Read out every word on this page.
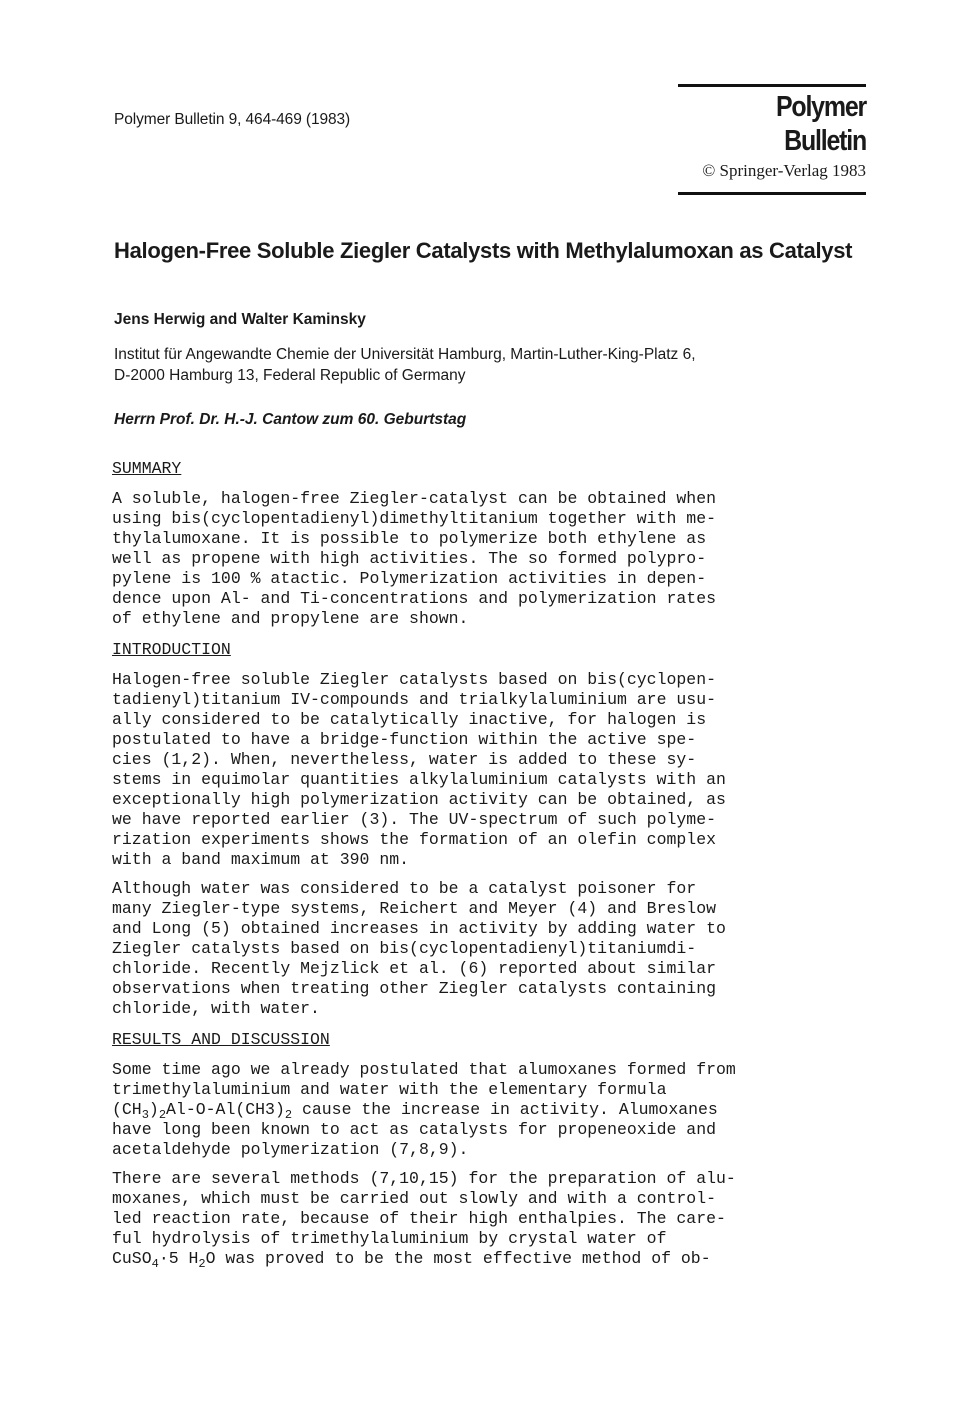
Polymer Bulletin 9, 464-469 (1983)	Polymer Bulletin
© Springer-Verlag 1983
Halogen-Free Soluble Ziegler Catalysts with Methylalumoxan as Catalyst
Jens Herwig and Walter Kaminsky
Institut für Angewandte Chemie der Universität Hamburg, Martin-Luther-King-Platz 6,
D-2000 Hamburg 13, Federal Republic of Germany
Herrn Prof. Dr. H.-J. Cantow zum 60. Geburtstag
SUMMARY

A soluble, halogen-free Ziegler-catalyst can be obtained when
using bis(cyclopentadienyl)dimethyltitanium together with me-
thylalumoxane. It is possible to polymerize both ethylene as
well as propene with high activities. The so formed polypro-
pylene is 100 % atactic. Polymerization activities in depen-
dence upon Al- and Ti-concentrations and polymerization rates
of ethylene and propylene are shown.

INTRODUCTION

Halogen-free soluble Ziegler catalysts based on bis(cyclopen-
tadienyl)titanium IV-compounds and trialkylaluminium are usu-
ally considered to be catalytically inactive, for halogen is
postulated to have a bridge-function within the active spe-
cies (1,2). When, nevertheless, water is added to these sy-
stems in equimolar quantities alkylaluminium catalysts with an
exceptionally high polymerization activity can be obtained, as
we have reported earlier (3). The UV-spectrum of such polyme-
rization experiments shows the formation of an olefin complex
with a band maximum at 390 nm.

Although water was considered to be a catalyst poisoner for
many Ziegler-type systems, Reichert and Meyer (4) and Breslow
and Long (5) obtained increases in activity by adding water to
Ziegler catalysts based on bis(cyclopentadienyl)titaniumdi-
chloride. Recently Mejzlick et al. (6) reported about similar
observations when treating other Ziegler catalysts containing
chloride, with water.

RESULTS AND DISCUSSION

Some time ago we already postulated that alumoxanes formed from
trimethylaluminium and water with the elementary formula
$(CH_3)_2Al-O-Al(CH3)_2$ cause the increase in activity. Alumoxanes
have long been known to act as catalysts for propeneoxide and
acetaldehyde polymerization (7,8,9).

There are several methods (7,10,15) for the preparation of alu-
moxanes, which must be carried out slowly and with a control-
led reaction rate, because of their high enthalpies. The care-
ful hydrolysis of trimethylaluminium by crystal water of
CuSO$_4$·5 $H_2O$ was proved to be the most effective method of ob-
